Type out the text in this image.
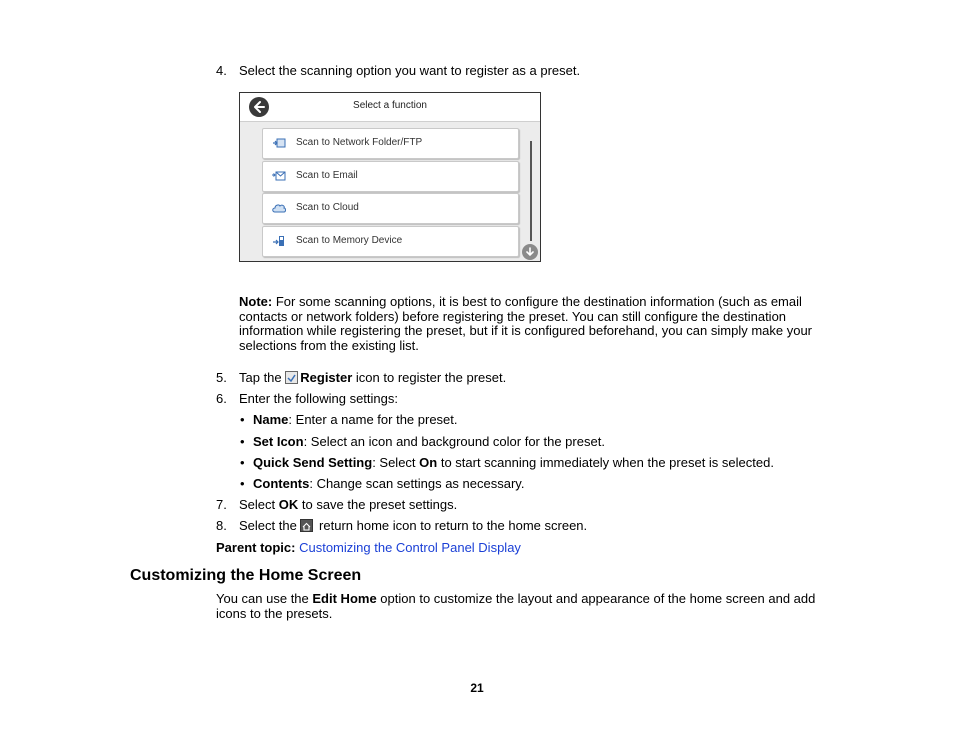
4. Select the scanning option you want to register as a preset.
Select a function
Scan to Network Folder/FTP
Scan to Email
Scan to Cloud
Scan to Memory Device
Note: For some scanning options, it is best to configure the destination information (such as email
contacts or network folders) before registering the preset. You can still configure the destination
information while registering the preset, but if it is configured beforehand, you can simply make your
selections from the existing list.
5. Tap the Register icon to register the preset.
6. Enter the following settings:
• Name: Enter a name for the preset.
• Set Icon: Select an icon and background color for the preset.
• Quick Send Setting: Select On to start scanning immediately when the preset is selected.
• Contents: Change scan settings as necessary.
7. Select OK to save the preset settings.
8. Select the  return home icon to return to the home screen.
Parent topic: Customizing the Control Panel Display
Customizing the Home Screen
You can use the Edit Home option to customize the layout and appearance of the home screen and add
icons to the presets.
21
